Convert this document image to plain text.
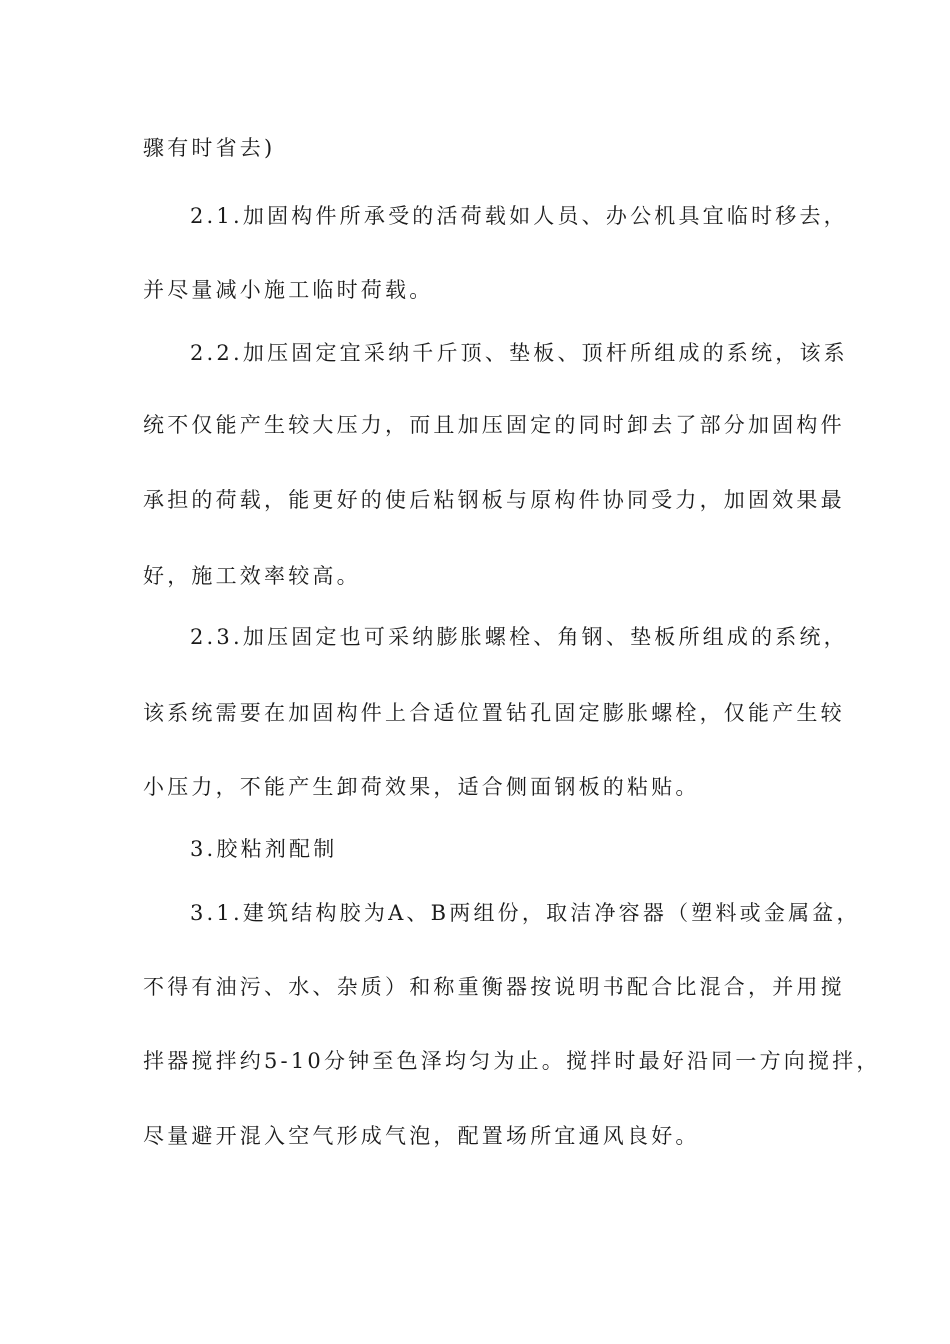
骤有时省去)
2.1.加固构件所承受的活荷载如人员、办公机具宜临时移去，
并尽量减小施工临时荷载。
2.2.加压固定宜采纳千斤顶、垫板、顶杆所组成的系统，该系
统不仅能产生较大压力，而且加压固定的同时卸去了部分加固构件
承担的荷载，能更好的使后粘钢板与原构件协同受力，加固效果最
好，施工效率较高。
2.3.加压固定也可采纳膨胀螺栓、角钢、垫板所组成的系统，
该系统需要在加固构件上合适位置钻孔固定膨胀螺栓，仅能产生较
小压力，不能产生卸荷效果，适合侧面钢板的粘贴。
3.胶粘剂配制
3.1.建筑结构胶为A、B两组份，取洁净容器（塑料或金属盆，
不得有油污、水、杂质）和称重衡器按说明书配合比混合，并用搅
拌器搅拌约5-10分钟至色泽均匀为止。搅拌时最好沿同一方向搅拌，
尽量避开混入空气形成气泡，配置场所宜通风良好。
